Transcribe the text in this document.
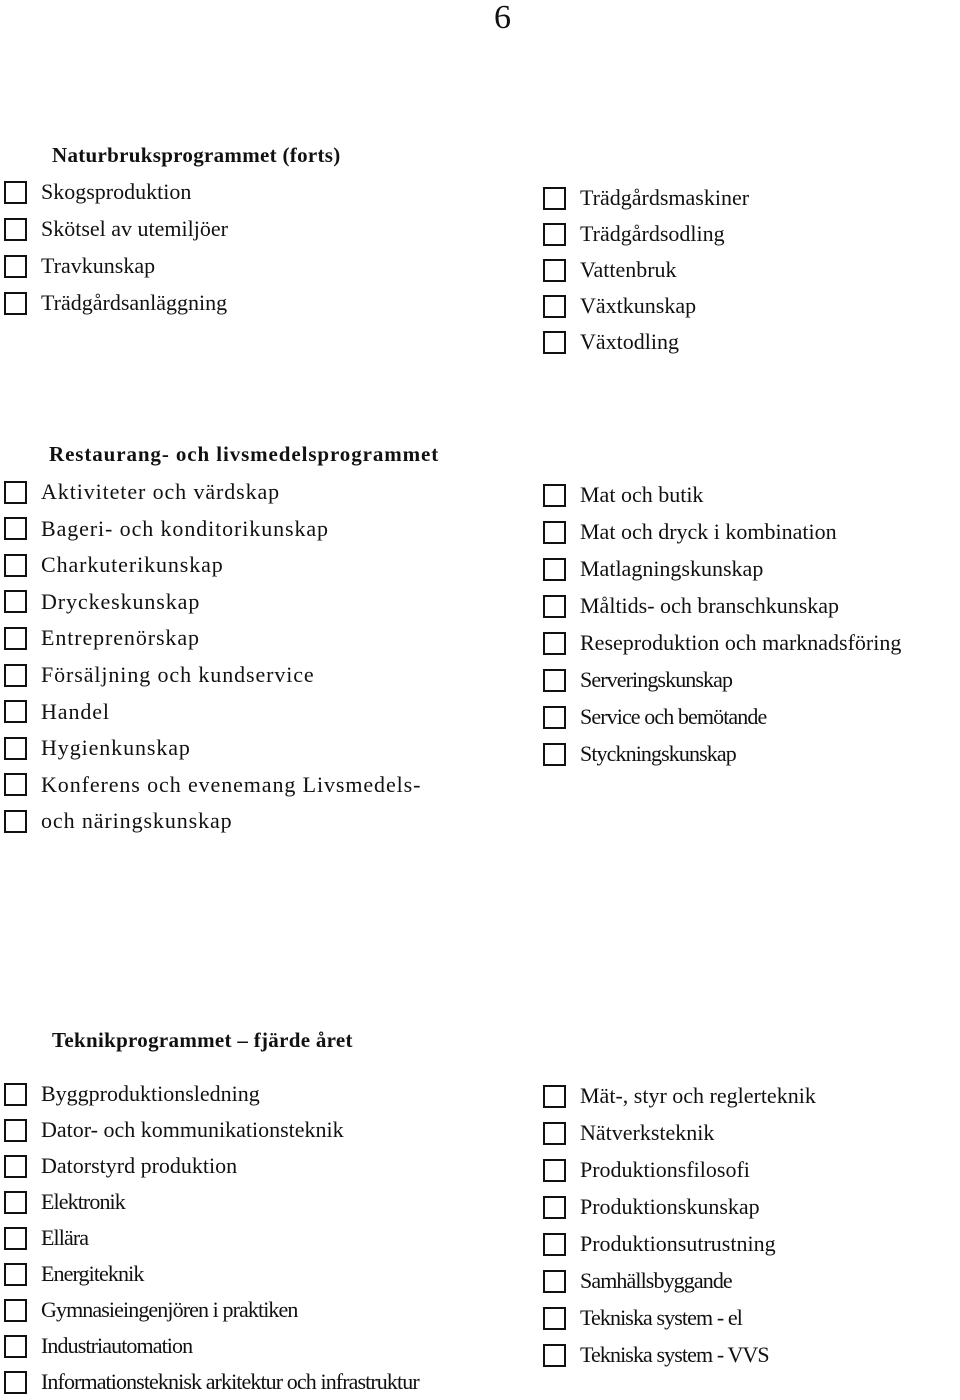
6
Naturbruksprogrammet (forts)
Skogsproduktion
Skötsel av utemiljöer
Travkunskap
Trädgårdsanläggning
Trädgårdsmaskiner
Trädgårdsodling
Vattenbruk
Växtkunskap
Växtodling
Restaurang- och livsmedelsprogrammet
Aktiviteter och värdskap
Bageri- och konditorikunskap
Charkuterikunskap
Dryckeskunskap
Entreprenörskap
Försäljning och kundservice
Handel
Hygienkunskap
Konferens och evenemang Livsmedels-
och näringskunskap
Mat och butik
Mat och dryck i kombination
Matlagningskunskap
Måltids- och branschkunskap
Reseproduktion och marknadsföring
Serveringskunskap
Service och bemötande
Styckningskunskap
Teknikprogrammet – fjärde året
Byggproduktionsledning
Dator- och kommunikationsteknik
Datorstyrd produktion
Elektronik
Ellära
Energiteknik
Gymnasieingenjören i praktiken
Industriautomation
Informationsteknisk arkitektur och infrastruktur
Mät-, styr och reglerteknik
Nätverksteknik
Produktionsfilosofi
Produktionskunskap
Produktionsutrustning
Samhällsbyggande
Tekniska system - el
Tekniska system - VVS
